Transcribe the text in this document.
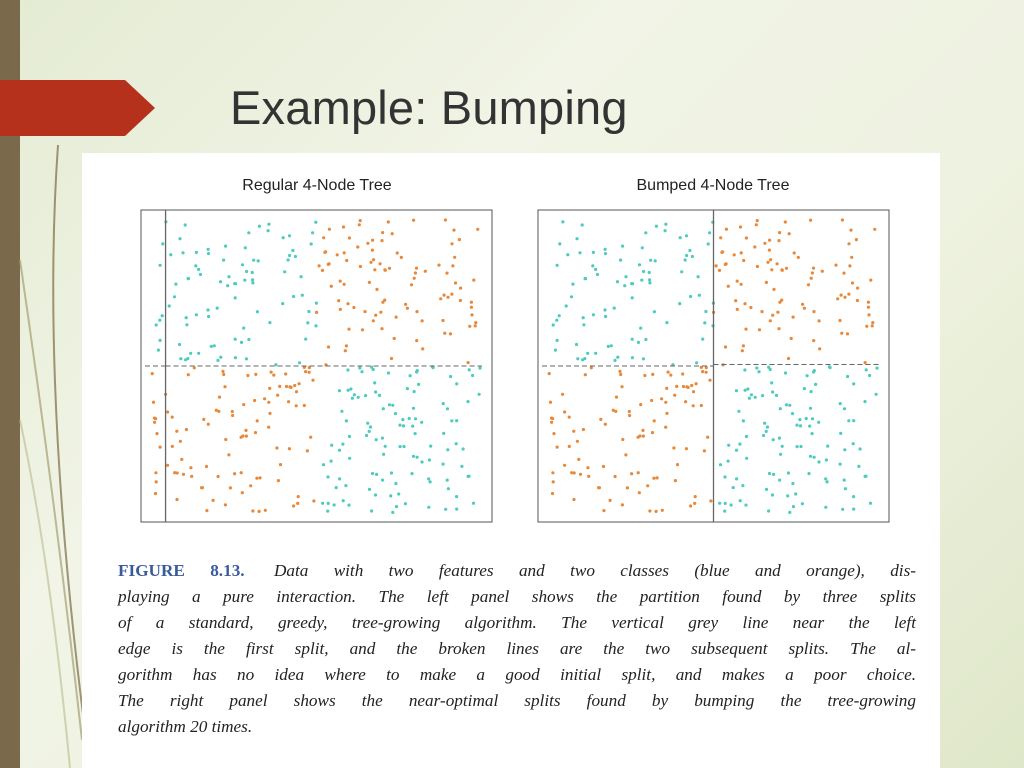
Example: Bumping
Regular 4-Node Tree	Bumped 4-Node Tree
FIGURE 8.13. Data with two features and two classes (blue and orange), dis-
playing a pure interaction. The left panel shows the partition found by three splits
of a standard, greedy, tree-growing algorithm. The vertical grey line near the left
edge is the first split, and the broken lines are the two subsequent splits. The al-
gorithm has no idea where to make a good initial split, and makes a poor choice.
The right panel shows the near-optimal splits found by bumping the tree-growing
algorithm 20 times.
